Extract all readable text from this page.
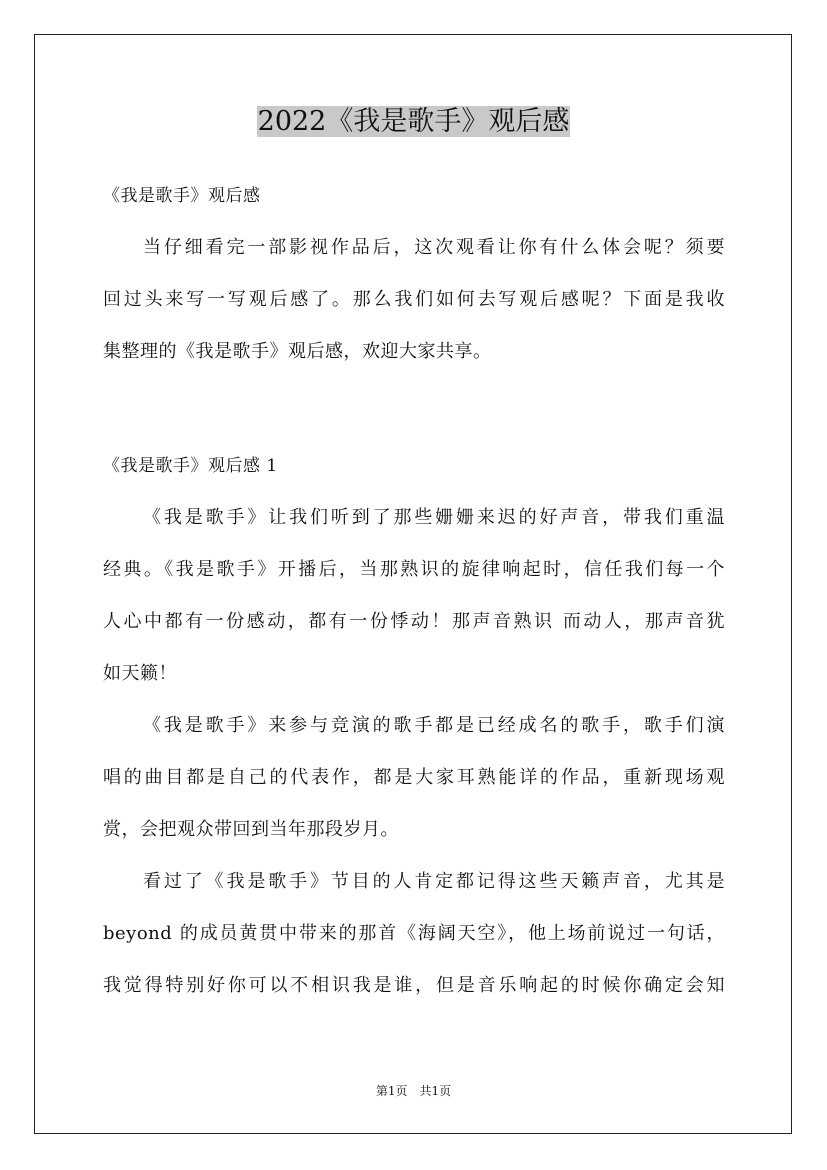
2022《我是歌手》观后感
《我是歌手》观后感
当仔细看完一部影视作品后，这次观看让你有什么体会呢？须要
回过头来写一写观后感了。那么我们如何去写观后感呢？下面是我收
集整理的《我是歌手》观后感，欢迎大家共享。
《我是歌手》观后感 1
《我是歌手》让我们听到了那些姗姗来迟的好声音，带我们重温
经典。《我是歌手》开播后，当那熟识的旋律响起时，信任我们每一个
人心中都有一份感动，都有一份悸动！那声音熟识 而动人，那声音犹
如天籁！
《我是歌手》来参与竞演的歌手都是已经成名的歌手，歌手们演
唱的曲目都是自己的代表作，都是大家耳熟能详的作品，重新现场观
赏，会把观众带回到当年那段岁月。
看过了《我是歌手》节目的人肯定都记得这些天籁声音，尤其是
beyond 的成员黄贯中带来的那首《海阔天空》，他上场前说过一句话，
我觉得特别好你可以不相识我是谁，但是音乐响起的时候你确定会知
第1页　共1页
